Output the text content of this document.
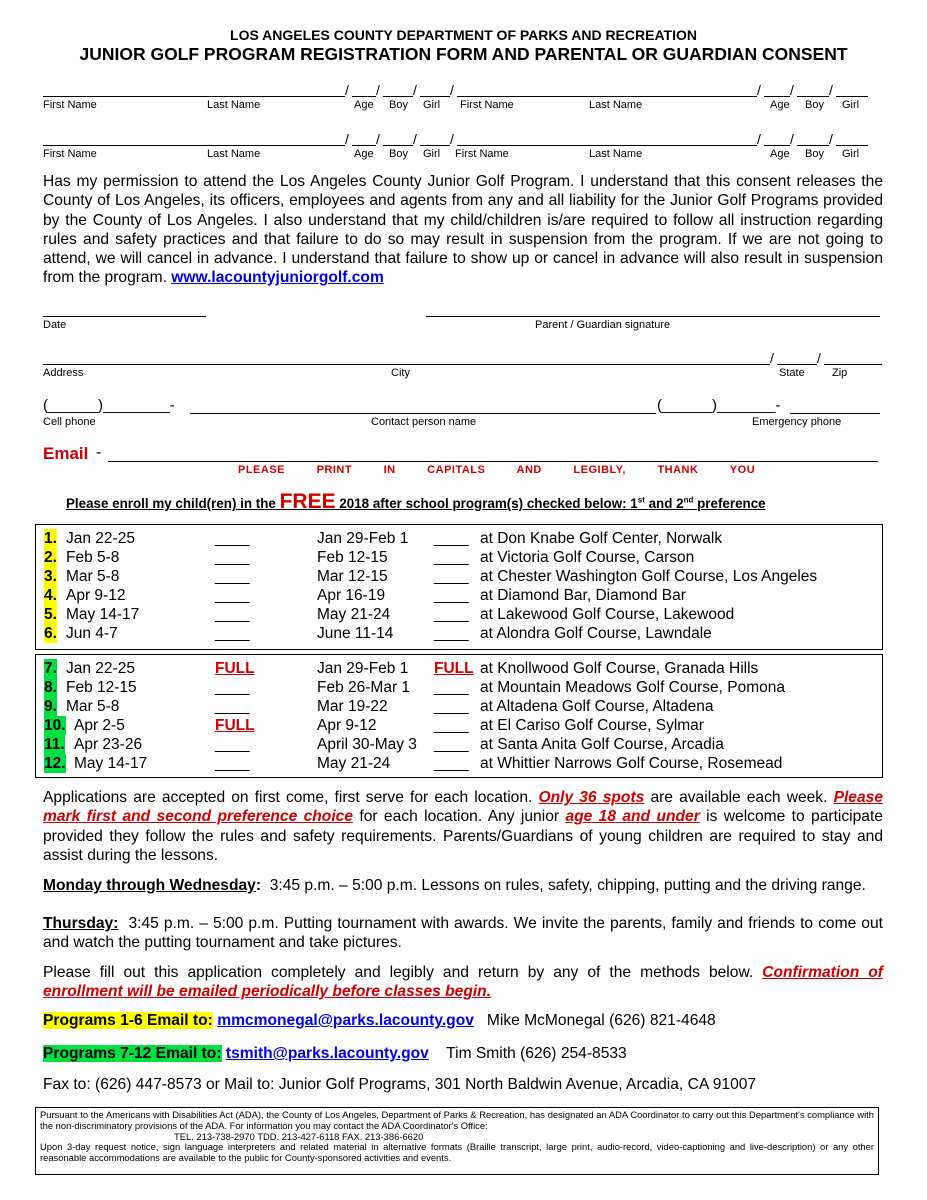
LOS ANGELES COUNTY DEPARTMENT OF PARKS AND RECREATION
JUNIOR GOLF PROGRAM REGISTRATION FORM AND PARENTAL OR GUARDIAN CONSENT
/ / / /	/ /	/
First Name	Last Name	Age Boy Girl First Name	Last Name	Age Boy Girl
/ / / /	/ /	/
First Name	Last Name	Age Boy Girl First Name	Last Name	Age Boy Girl
Has my permission to attend the Los Angeles County Junior Golf Program. I understand that this consent releases the County of Los Angeles, its officers, employees and agents from any and all liability for the Junior Golf Programs provided by the County of Los Angeles. I also understand that my child/children is/are required to follow all instruction regarding rules and safety practices and that failure to do so may result in suspension from the program. If we are not going to attend, we will cancel in advance. I understand that failure to show up or cancel in advance will also result in suspension from the program. www.lacountyjuniorgolf.com
Date	Parent / Guardian signature
/	/
Address	City	State Zip
(______)________-	(______)_______-
Cell phone	Contact person name	Emergency phone
Email -
PLEASE PRINT IN CAPITALS AND LEGIBLY, THANK YOU
Please enroll my child(ren) in the FREE 2018 after school program(s) checked below: 1st and 2nd preference
1. Jan 22-25	____	Jan 29-Feb 1 ____ at Don Knabe Golf Center, Norwalk
2. Feb 5-8	____	Feb 12-15	____ at Victoria Golf Course, Carson
3. Mar 5-8	____	Mar 12-15	____ at Chester Washington Golf Course, Los Angeles
4. Apr 9-12	____	Apr 16-19	____ at Diamond Bar, Diamond Bar
5. May 14-17	____	May 21-24	____ at Lakewood Golf Course, Lakewood
6. Jun 4-7	____	June 11-14	____ at Alondra Golf Course, Lawndale
7. Jan 22-25	FULL	Jan 29-Feb 1 FULL at Knollwood Golf Course, Granada Hills
8. Feb 12-15	____	Feb 26-Mar 1 ____ at Mountain Meadows Golf Course, Pomona
9. Mar 5-8	____	Mar 19-22	____ at Altadena Golf Course, Altadena
10. Apr 2-5	FULL	Apr 9-12	____ at El Cariso Golf Course, Sylmar
11. Apr 23-26	____	April 30-May 3 ____ at Santa Anita Golf Course, Arcadia
12. May 14-17	____	May 21-24	____ at Whittier Narrows Golf Course, Rosemead
Applications are accepted on first come, first serve for each location. Only 36 spots are available each week. Please mark first and second preference choice for each location. Any junior age 18 and under is welcome to participate provided they follow the rules and safety requirements. Parents/Guardians of young children are required to stay and assist during the lessons.
Monday through Wednesday: 3:45 p.m. – 5:00 p.m. Lessons on rules, safety, chipping, putting and the driving range.
Thursday: 3:45 p.m. – 5:00 p.m. Putting tournament with awards. We invite the parents, family and friends to come out and watch the putting tournament and take pictures.
Please fill out this application completely and legibly and return by any of the methods below. Confirmation of enrollment will be emailed periodically before classes begin.
Programs 1-6 Email to: mmcmonegal@parks.lacounty.gov Mike McMonegal (626) 821-4648
Programs 7-12 Email to: tsmith@parks.lacounty.gov Tim Smith (626) 254-8533
Fax to: (626) 447-8573 or Mail to: Junior Golf Programs, 301 North Baldwin Avenue, Arcadia, CA 91007

Pursuant to the Americans with Disabilities Act (ADA), the County of Los Angeles, Department of Parks & Recreation, has designated an ADA Coordinator to carry out this Department's compliance with the non-discriminatory provisions of the ADA. For information you may contact the ADA Coordinator's Office:

TEL. 213-738-2970 TDD. 213-427-6118 FAX. 213-386-6620

Upon 3-day request notice, sign language interpreters and related material in alternative formats (Braille transcript, large print, audio-record, video-captioning and live-description) or any other reasonable accommodations are available to the public for County-sponsored activities and events.
